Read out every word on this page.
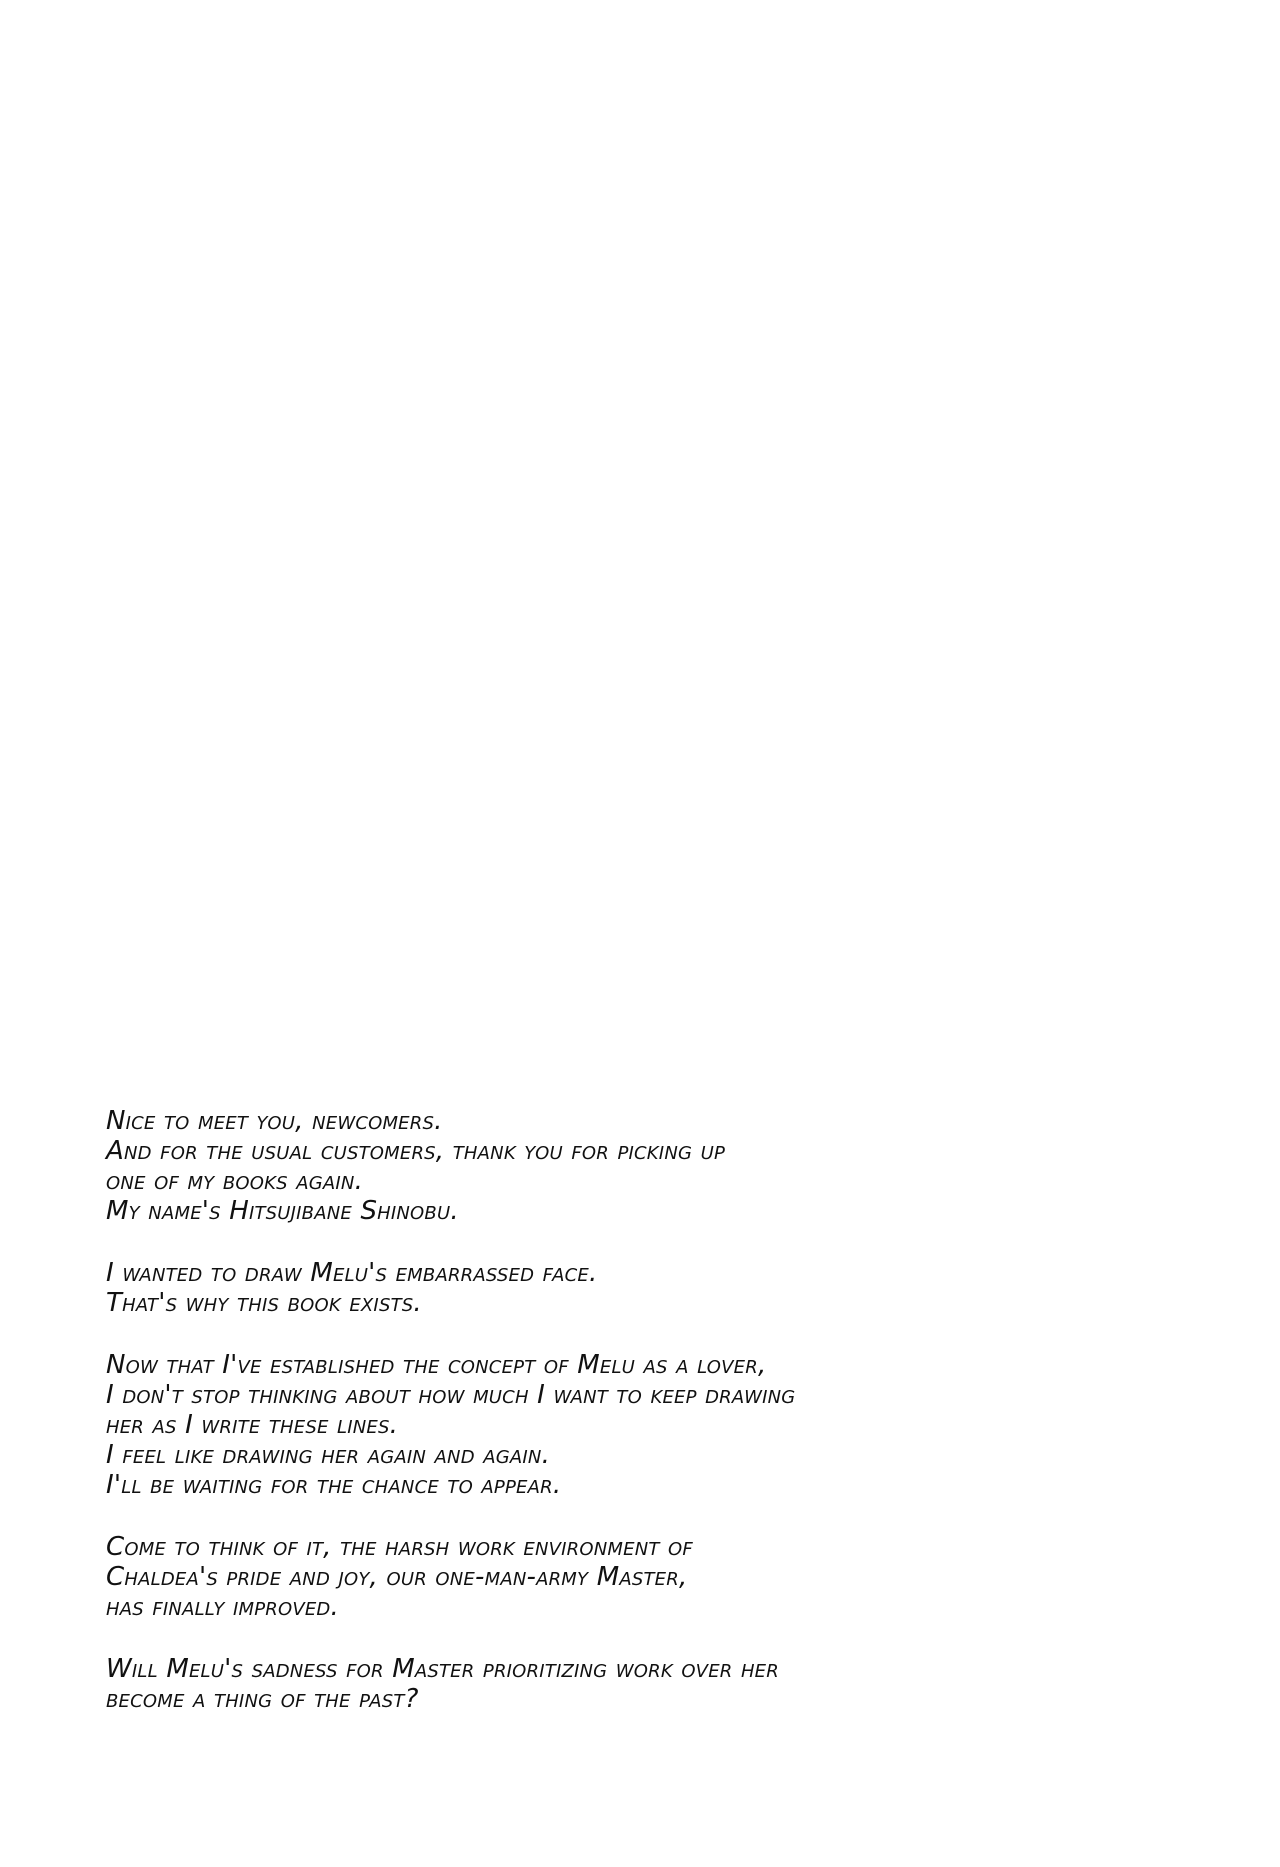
Nice to meet you, newcomers.
And for the usual customers, thank you for picking up
one of my books again.
My name's Hitsujibane Shinobu.
I wanted to draw Melu's embarrassed face.
That's why this book exists.
Now that I've established the concept of Melu as a lover,
I don't stop thinking about how much I want to keep drawing
her as I write these lines.
I feel like drawing her again and again.
I'll be waiting for the chance to appear.
Come to think of it, the harsh work environment of
Chaldea's pride and joy, our one-man-army Master,
has finally improved.
Will Melu's sadness for Master prioritizing work over her
become a thing of the past?
